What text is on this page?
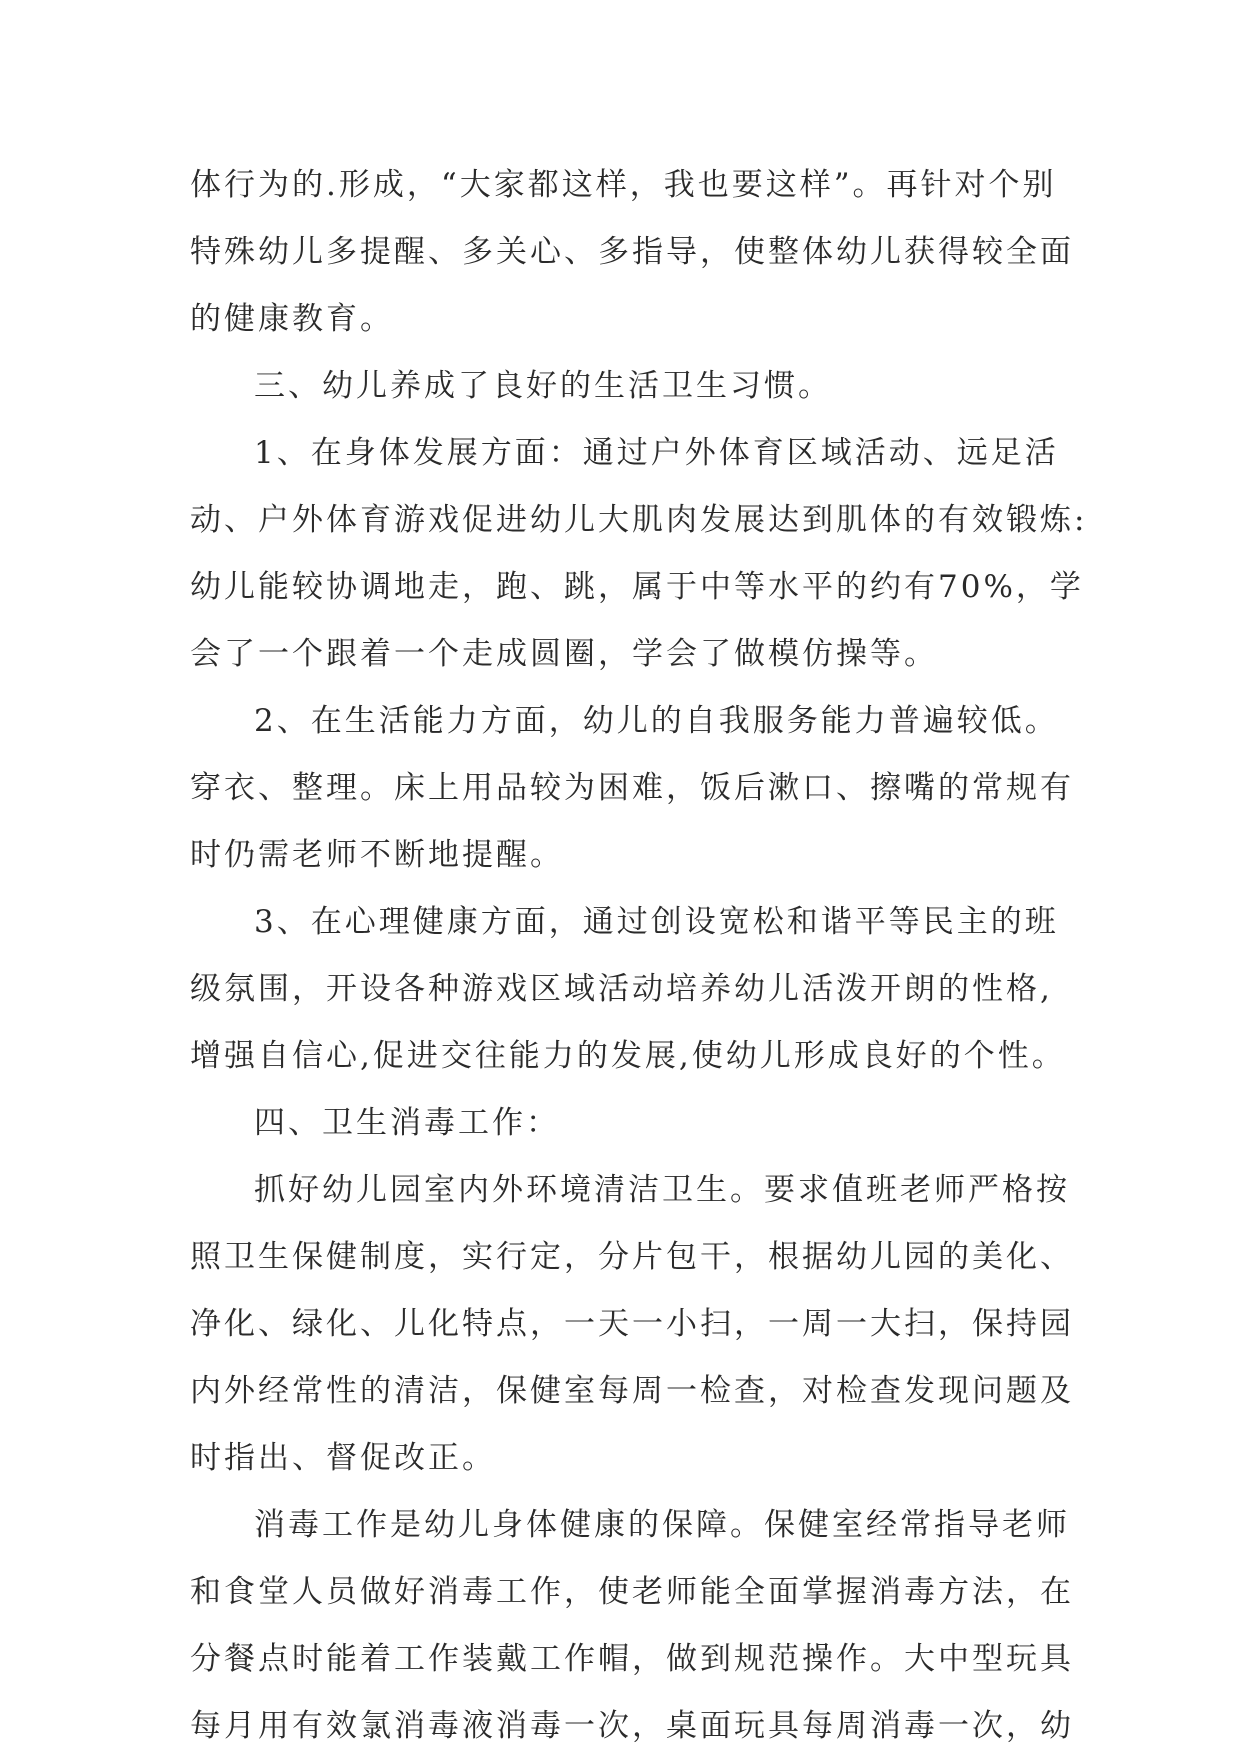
体行为的.形成，“大家都这样，我也要这样”。再针对个别
特殊幼儿多提醒、多关心、多指导，使整体幼儿获得较全面
的健康教育。
三、幼儿养成了良好的生活卫生习惯。
1、在身体发展方面：通过户外体育区域活动、远足活
动、户外体育游戏促进幼儿大肌肉发展达到肌体的有效锻炼:
幼儿能较协调地走，跑、跳，属于中等水平的约有70%，学
会了一个跟着一个走成圆圈，学会了做模仿操等。
2、在生活能力方面，幼儿的自我服务能力普遍较低。
穿衣、整理。床上用品较为困难，饭后漱口、擦嘴的常规有
时仍需老师不断地提醒。
3、在心理健康方面，通过创设宽松和谐平等民主的班
级氛围，开设各种游戏区域活动培养幼儿活泼开朗的性格,
增强自信心,促进交往能力的发展,使幼儿形成良好的个性。
四、卫生消毒工作：
抓好幼儿园室内外环境清洁卫生。要求值班老师严格按
照卫生保健制度，实行定，分片包干，根据幼儿园的美化、
净化、绿化、儿化特点，一天一小扫，一周一大扫，保持园
内外经常性的清洁，保健室每周一检查，对检查发现问题及
时指出、督促改正。
消毒工作是幼儿身体健康的保障。保健室经常指导老师
和食堂人员做好消毒工作，使老师能全面掌握消毒方法，在
分餐点时能着工作装戴工作帽，做到规范操作。大中型玩具
每月用有效氯消毒液消毒一次，桌面玩具每周消毒一次，幼
